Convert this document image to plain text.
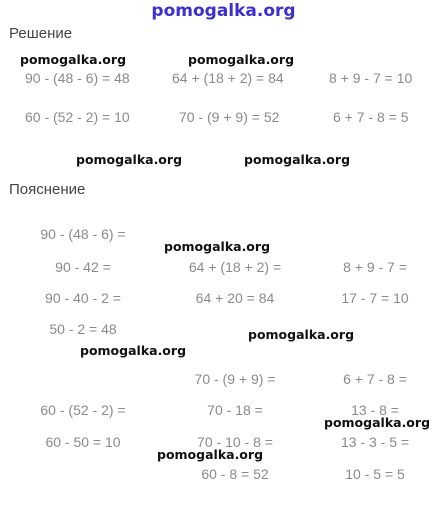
pomogalka.org
Решение
pomogalka.org	pomogalka.org
90 - (48 - 6) = 48	64 + (18 + 2) = 84	8 + 9 - 7 = 10
60 - (52 - 2) = 10	70 - (9 + 9) = 52	6 + 7 - 8 = 5
pomogalka.org	pomogalka.org
Пояснение
90 - (48 - 6) =
90 - 42 =
90 - 40 - 2 =
50 - 2 = 48
60 - (52 - 2) =
60 - 50 = 10
64 + (18 + 2) =
64 + 20 = 84
70 - (9 + 9) =
70 - 18 =
70 - 10 - 8 =
60 - 8 = 52
8 + 9 - 7 =
17 - 7 = 10
6 + 7 - 8 =
13 - 8 =
13 - 3 - 5 =
10 - 5 = 5
pomogalka.org
pomogalka.org
pomogalka.org
pomogalka.org
pomogalka.org
